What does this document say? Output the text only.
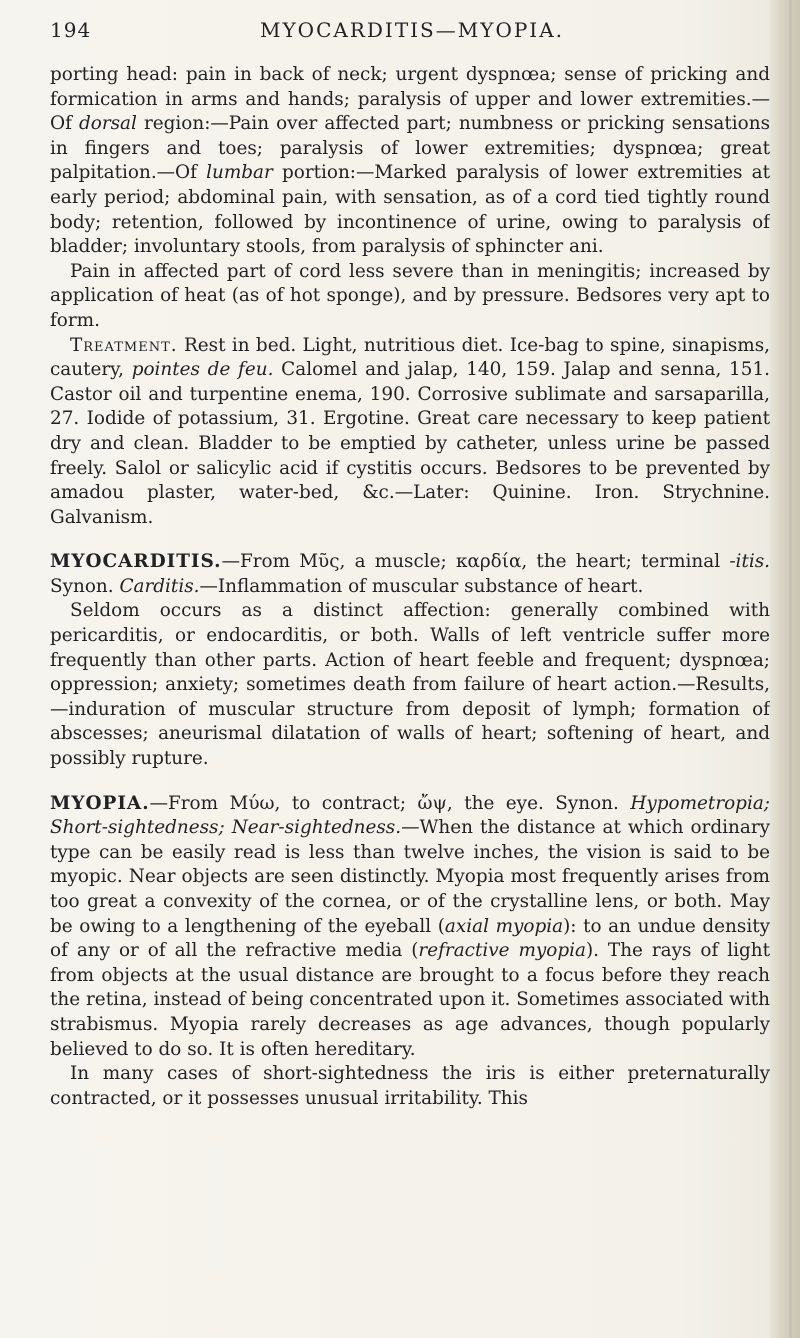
194	MYOCARDITIS—MYOPIA.

porting head: pain in back of neck; urgent dyspnœa; sense of pricking and formication in arms and hands; paralysis of upper and lower extremities.—Of dorsal region:—Pain over affected part; numbness or pricking sensations in fingers and toes; paralysis of lower extremities; dyspnœa; great palpitation.—Of lumbar portion:—Marked paralysis of lower extremities at early period; abdominal pain, with sensation, as of a cord tied tightly round body; retention, followed by incontinence of urine, owing to paralysis of bladder; involuntary stools, from paralysis of sphincter ani.

Pain in affected part of cord less severe than in meningitis; increased by application of heat (as of hot sponge), and by pressure. Bedsores very apt to form.

Treatment. Rest in bed. Light, nutritious diet. Ice-bag to spine, sinapisms, cautery, pointes de feu. Calomel and jalap, 140, 159. Jalap and senna, 151. Castor oil and turpentine enema, 190. Corrosive sublimate and sarsaparilla, 27. Iodide of potassium, 31. Ergotine. Great care necessary to keep patient dry and clean. Bladder to be emptied by catheter, unless urine be passed freely. Salol or salicylic acid if cystitis occurs. Bedsores to be prevented by amadou plaster, water-bed, &c.—Later: Quinine. Iron. Strychnine. Galvanism.

MYOCARDITIS.—From Mῦς, a muscle; καρδία, the heart; terminal -itis. Synon. Carditis.—Inflammation of muscular substance of heart.

Seldom occurs as a distinct affection: generally combined with pericarditis, or endocarditis, or both. Walls of left ventricle suffer more frequently than other parts. Action of heart feeble and frequent; dyspnœa; oppression; anxiety; sometimes death from failure of heart action.—Results,—induration of muscular structure from deposit of lymph; formation of abscesses; aneurismal dilatation of walls of heart; softening of heart, and possibly rupture.

MYOPIA.—From Μύω, to contract; ὤψ, the eye. Synon. Hypometropia; Short-sightedness; Near-sightedness.—When the distance at which ordinary type can be easily read is less than twelve inches, the vision is said to be myopic. Near objects are seen distinctly. Myopia most frequently arises from too great a convexity of the cornea, or of the crystalline lens, or both. May be owing to a lengthening of the eyeball (axial myopia): to an undue density of any or of all the refractive media (refractive myopia). The rays of light from objects at the usual distance are brought to a focus before they reach the retina, instead of being concentrated upon it. Sometimes associated with strabismus. Myopia rarely decreases as age advances, though popularly believed to do so. It is often hereditary.

In many cases of short-sightedness the iris is either preternaturally contracted, or it possesses unusual irritability. This
